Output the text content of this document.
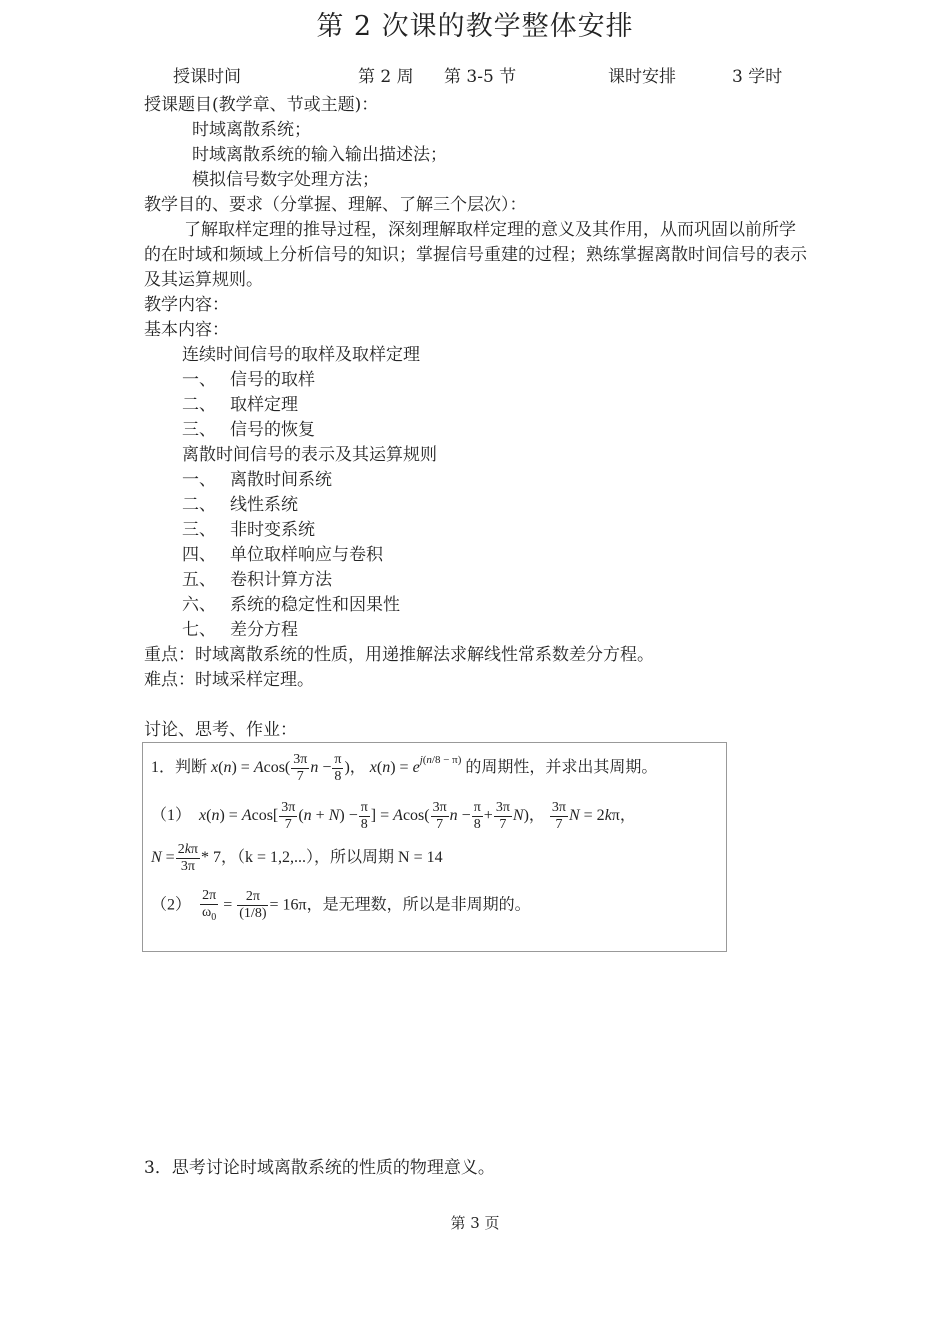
第 2 次课的教学整体安排
授课时间	第 2 周 第 3-5 节	课时安排	3 学时
授课题目(教学章、节或主题)：
时域离散系统；
时域离散系统的输入输出描述法；
模拟信号数字处理方法；
教学目的、要求（分掌握、理解、了解三个层次）：
了解取样定理的推导过程，深刻理解取样定理的意义及其作用，从而巩固以前所学的在时域和频域上分析信号的知识；掌握信号重建的过程；熟练掌握离散时间信号的表示及其运算规则。
教学内容：
基本内容：
连续时间信号的取样及取样定理
一、 信号的取样
二、 取样定理
三、 信号的恢复
离散时间信号的表示及其运算规则
一、 离散时间系统
二、 线性系统
三、 非时变系统
四、 单位取样响应与卷积
五、 卷积计算方法
六、 系统的稳定性和因果性
七、 差分方程
重点：时域离散系统的性质，用递推解法求解线性常系数差分方程。
难点：时域采样定理。
讨论、思考、作业：
1．判断 $x(n) = Acos( \frac{3\pi}{7}$ $n - \frac{\pi}{8}$ )， $x(n) = e^{j(n/8 - \pi)}$ 的周期性，并求出其周期。
（1） $x(n) = Acos[ \frac{3\pi}{7} (n + N) - \frac{\pi}{8}$ ] = $Acos( \frac{3\pi}{7}$ $n - \frac{\pi}{8} + \frac{3\pi}{7} N$)， $\frac{3\pi}{7}$ N = 2kπ，
$N = \frac{2k\pi}{3\pi} * 7$，（k = 1,2,...），所以周期 N = 14
$(2) \frac{2\pi}{\omega_0} = \frac{2\pi}{(1/8)} = 16\pi$，是无理数，所以是非周期的。
3．思考讨论时域离散系统的性质的物理意义。
第 3 页
